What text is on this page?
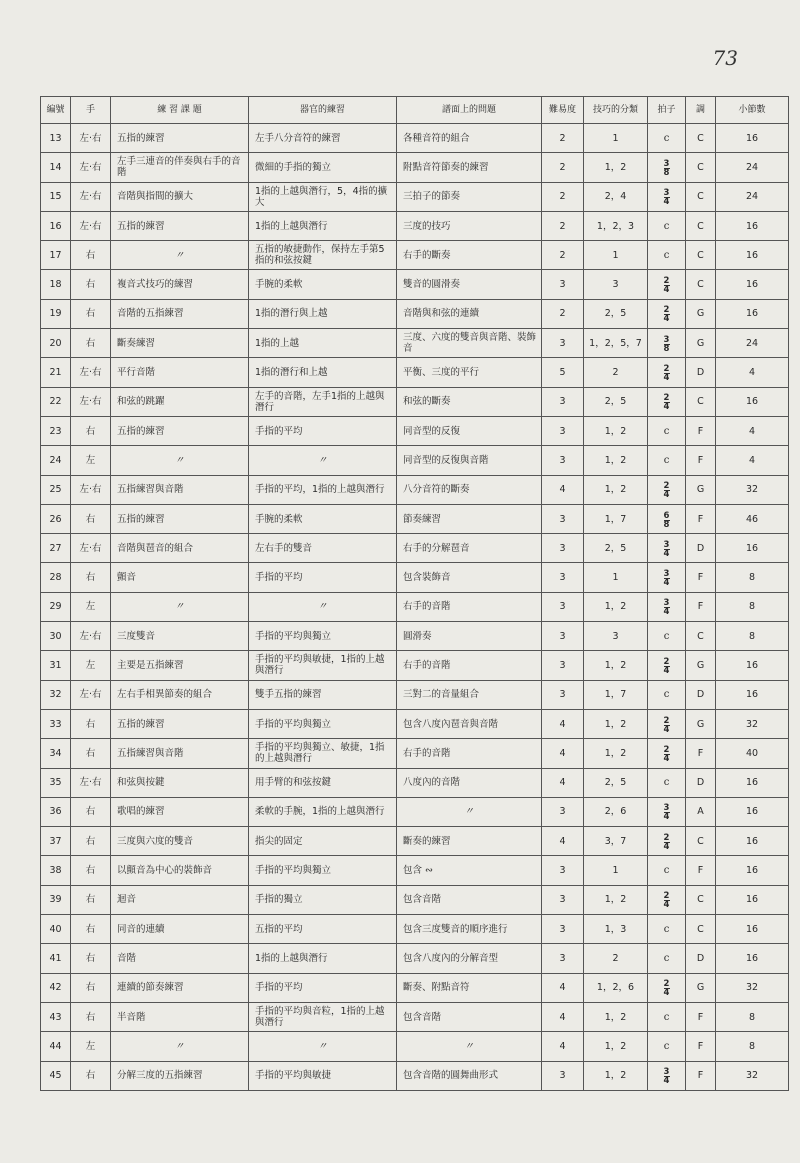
73
編號	手	練 習 課 題	器官的練習	譜面上的問題	難易度	技巧的分類	拍子	調	小節數
13	左·右	五指的練習	左手八分音符的練習	各種音符的組合	2	1	c	C	16
14	左·右	左手三連音的伴奏與右手的音階	微細的手指的獨立	附點音符節奏的練習	2	1，2	$\frac{3}{8}$	C	24
15	左·右	音階與指間的擴大	1指的上越與潛行，5，4指的擴大	三拍子的節奏	2	2，4	$\frac{3}{4}$	C	24
16	左·右	五指的練習	1指的上越與潛行	三度的技巧	2	1，2，3	c	C	16
17	右	〃	五指的敏捷動作，保持左手第5指的和弦按鍵	右手的斷奏	2	1	c	C	16
18	右	複音式技巧的練習	手腕的柔軟	雙音的圓滑奏	3	3	$\frac{2}{4}$	C	16
19	右	音階的五指練習	1指的潛行與上越	音階與和弦的連續	2	2，5	$\frac{2}{4}$	G	16
20	右	斷奏練習	1指的上越	三度、六度的雙音與音階、裝飾音	3	1，2，5，7	$\frac{3}{8}$	G	24
21	左·右	平行音階	1指的潛行和上越	平衡、三度的平行	5	2	$\frac{2}{4}$	D	4
22	左·右	和弦的跳躍	左手的音階，左手1指的上越與潛行	和弦的斷奏	3	2，5	$\frac{2}{4}$	C	16
23	右	五指的練習	手指的平均	同音型的反復	3	1，2	c	F	4
24	左	〃	〃	同音型的反復與音階	3	1，2	c	F	4
25	左·右	五指練習與音階	手指的平均，1指的上越與潛行	八分音符的斷奏	4	1，2	$\frac{2}{4}$	G	32
26	右	五指的練習	手腕的柔軟	節奏練習	3	1，7	$\frac{6}{8}$	F	46
27	左·右	音階與琶音的組合	左右手的雙音	右手的分解琶音	3	2，5	$\frac{3}{4}$	D	16
28	右	顫音	手指的平均	包含裝飾音	3	1	$\frac{3}{4}$	F	8
29	左	〃	〃	右手的音階	3	1，2	$\frac{3}{4}$	F	8
30	左·右	三度雙音	手指的平均與獨立	圓滑奏	3	3	c	C	8
31	左	主要是五指練習	手指的平均與敏捷，1指的上越與潛行	右手的音階	3	1，2	$\frac{2}{4}$	G	16
32	左·右	左右手相異節奏的組合	雙手五指的練習	三對二的音量組合	3	1，7	c	D	16
33	右	五指的練習	手指的平均與獨立	包含八度內琶音與音階	4	1，2	$\frac{2}{4}$	G	32
34	右	五指練習與音階	手指的平均與獨立、敏捷，1指的上越與潛行	右手的音階	4	1，2	$\frac{2}{4}$	F	40
35	左·右	和弦與按鍵	用手臂的和弦按鍵	八度內的音階	4	2，5	c	D	16
36	右	歌唱的練習	柔軟的手腕，1指的上越與潛行	〃	3	2，6	$\frac{3}{4}$	A	16
37	右	三度與六度的雙音	指尖的固定	斷奏的練習	4	3，7	$\frac{2}{4}$	C	16
38	右	以顫音為中心的裝飾音	手指的平均與獨立	包含 ∾	3	1	c	F	16
39	右	迴音	手指的獨立	包含音階	3	1，2	$\frac{2}{4}$	C	16
40	右	同音的連續	五指的平均	包含三度雙音的順序進行	3	1，3	c	C	16
41	右	音階	1指的上越與潛行	包含八度內的分解音型	3	2	c	D	16
42	右	連續的節奏練習	手指的平均	斷奏、附點音符	4	1，2，6	$\frac{2}{4}$	G	32
43	右	半音階	手指的平均與音粒，1指的上越與潛行	包含音階	4	1，2	c	F	8
44	左	〃	〃	〃	4	1，2	c	F	8
45	右	分解三度的五指練習	手指的平均與敏捷	包含音階的圓舞曲形式	3	1，2	$\frac{3}{4}$	F	32
